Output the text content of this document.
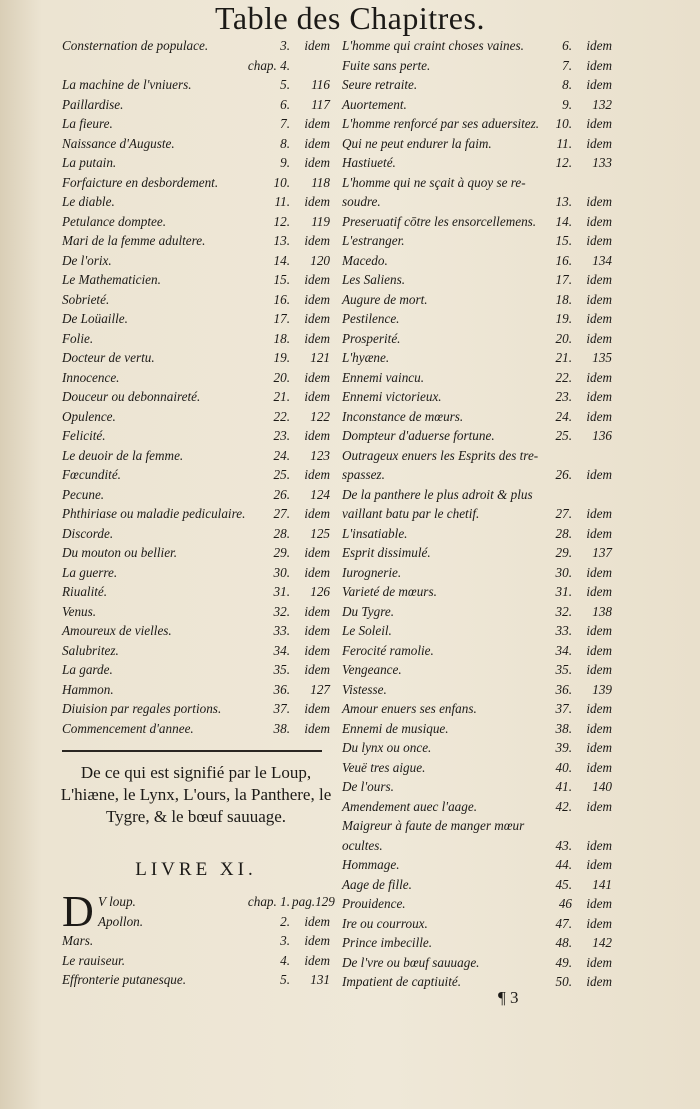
Table des Chapitres.
Consternation de populace.	3.	idem
chap. 4.
La machine de l'vniuers.	5.	116
Paillardise.	6.	117
La fieure.	7.	idem
Naissance d'Auguste.	8.	idem
La putain.	9.	idem
Forfaicture en desbordement.	10.	118
Le diable.	11.	idem
Petulance domptee.	12.	119
Mari de la femme adultere.	13.	idem
De l'orix.	14.	120
Le Mathematicien.	15.	idem
Sobrieté.	16.	idem
De Loüaille.	17.	idem
Folie.	18.	idem
Docteur de vertu.	19.	121
Innocence.	20.	idem
Douceur ou debonnaireté.	21.	idem
Opulence.	22.	122
Felicité.	23.	idem
Le deuoir de la femme.	24.	123
Fœcundité.	25.	idem
Pecune.	26.	124
Phthiriase ou maladie pediculaire.	27.	idem
Discorde.	28.	125
Du mouton ou bellier.	29.	idem
La guerre.	30.	idem
Riualité.	31.	126
Venus.	32.	idem
Amoureux de vielles.	33.	idem
Salubritez.	34.	idem
La garde.	35.	idem
Hammon.	36.	127
Diuision par regales portions.	37.	idem
Commencement d'annee.	38.	idem
L'homme qui craint choses vaines.	6.	idem
Fuite sans perte.	7.	idem
Seure retraite.	8.	idem
Auortement.	9.	132
L'homme renforcé par ses aduersitez.	10.	idem
Qui ne peut endurer la faim.	11.	idem
Hastiueté.	12.	133
L'homme qui ne sçait à quoy se re-
soudre.	13.	idem
Preseruatif cōtre les ensorcellemens.	14.	idem
L'estranger.	15.	idem
Macedo.	16.	134
Les Saliens.	17.	idem
Augure de mort.	18.	idem
Pestilence.	19.	idem
Prosperité.	20.	idem
L'hyæne.	21.	135
Ennemi vaincu.	22.	idem
Ennemi victorieux.	23.	idem
Inconstance de mœurs.	24.	idem
Dompteur d'aduerse fortune.	25.	136
Outrageux enuers les Esprits des tre-
spassez.	26.	idem
De la panthere le plus adroit & plus
vaillant batu par le chetif.	27.	idem
L'insatiable.	28.	idem
Esprit dissimulé.	29.	137
Iurognerie.	30.	idem
Varieté de mœurs.	31.	idem
Du Tygre.	32.	138
Le Soleil.	33.	idem
Ferocité ramolie.	34.	idem
Vengeance.	35.	idem
Vistesse.	36.	139
Amour enuers ses enfans.	37.	idem
Ennemi de musique.	38.	idem
Du lynx ou once.	39.	idem
Veuë tres aigue.	40.	idem
De l'ours.	41.	140
Amendement auec l'aage.	42.	idem
Maigreur à faute de manger mœur
ocultes.	43.	idem
Hommage.	44.	idem
Aage de fille.	45.	141
Prouidence.	46	idem
Ire ou courroux.	47.	idem
Prince imbecille.	48.	142
De l'vre ou bœuf sauuage.	49.	idem
Impatient de captiuité.	50.	idem
De ce qui est signifié par le Loup, L'hiæne, le Lynx, L'ours, la Panthere, le Tygre, & le bœuf sauuage.
LIVRE XI.
D V loup.	chap. 1. pag.129
Apollon.	2.	idem
Mars.	3.	idem
Le rauiseur.	4.	idem
Effronterie putanesque.	5.	131
¶ 3
